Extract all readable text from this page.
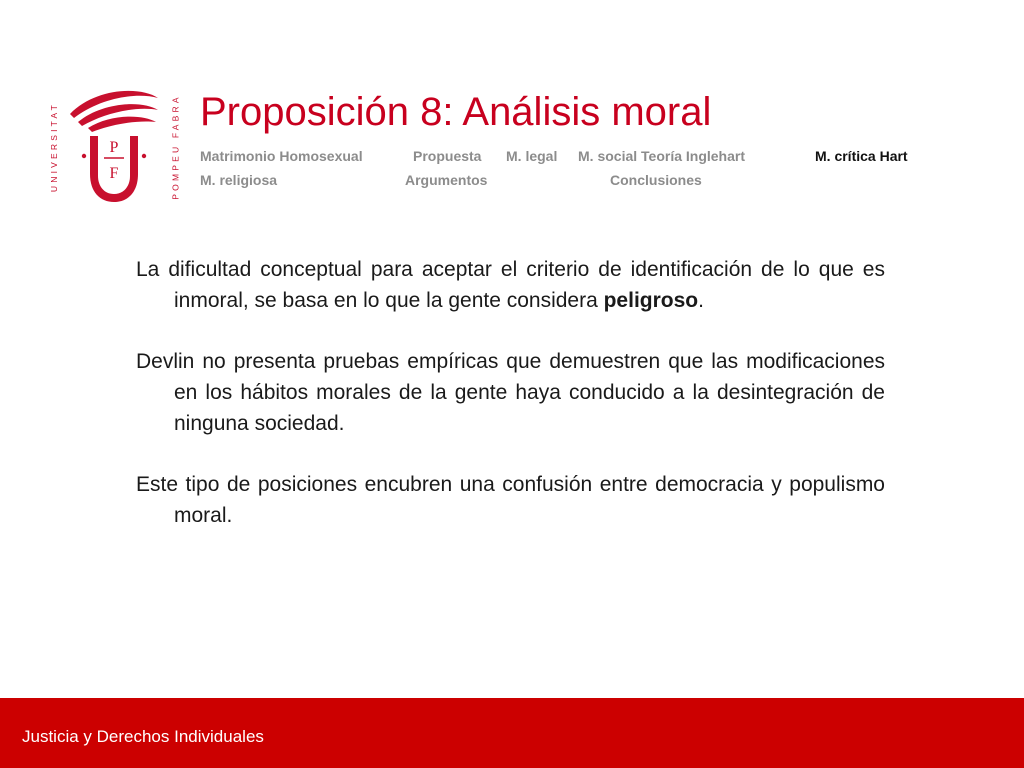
UNIVERSITAT	P
F	POMPEU FABRA Proposición 8: Análisis moral
Matrimonio Homosexual	Propuesta M. legal M. social Teoría Inglehart	M. crítica Hart
M. religiosa	Argumentos	Conclusiones

La dificultad conceptual para aceptar el criterio de identificación de lo que es inmoral, se basa en lo que la gente considera peligroso.

Devlin no presenta pruebas empíricas que demuestren que las modificaciones en los hábitos morales de la gente haya conducido a la desintegración de ninguna sociedad.

Este tipo de posiciones encubren una confusión entre democracia y populismo moral.

Justicia y Derechos Individuales
